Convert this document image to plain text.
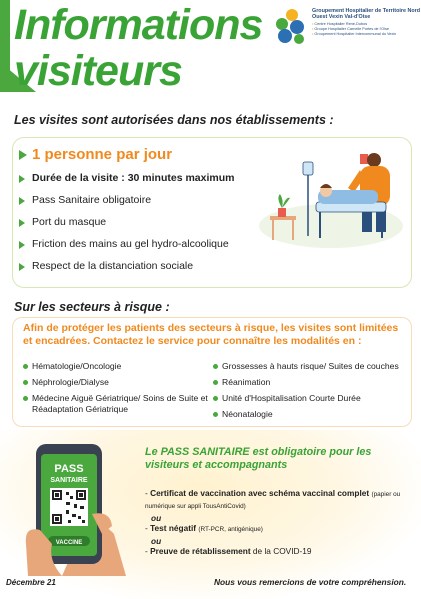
Informations
visiteurs
Groupement Hospitalier de Territoire Nord Ouest Vexin Val-d'Oise
• Centre Hospitalier René-Dubos
• Groupe Hospitalier Carnelle Portes de l'Oise
• Groupement Hospitalier Intercommunal du Vexin
Les visites sont autorisées dans nos établissements :
1 personne par jour
Durée de la visite : 30 minutes maximum
Pass Sanitaire obligatoire
Port du masque
Friction des mains au gel hydro-alcoolique
Respect de la distanciation sociale
Sur les secteurs à risque :
Afin de protéger les patients des secteurs à risque, les visites sont limitées et encadrées. Contactez le service pour connaître les modalités en :
Hématologie/Oncologie
Néphrologie/Dialyse
Médecine Aiguë Gériatrique/ Soins de Suite et Réadaptation Gériatrique
Grossesses à hauts risque/ Suites de couches
Réanimation
Unité d'Hospitalisation Courte Durée
Néonatalogie
PASS
SANITAIRE
VACCINE
Le PASS SANITAIRE est obligatoire pour les visiteurs et accompagnants
- Certificat de vaccination avec schéma vaccinal complet (papier ou numérique sur appli TousAntiCovid)
ou
- Test négatif (RT-PCR, antigénique)
ou
- Preuve de rétablissement de la COVID-19
Décembre 21	Nous vous remercions de votre compréhension.
